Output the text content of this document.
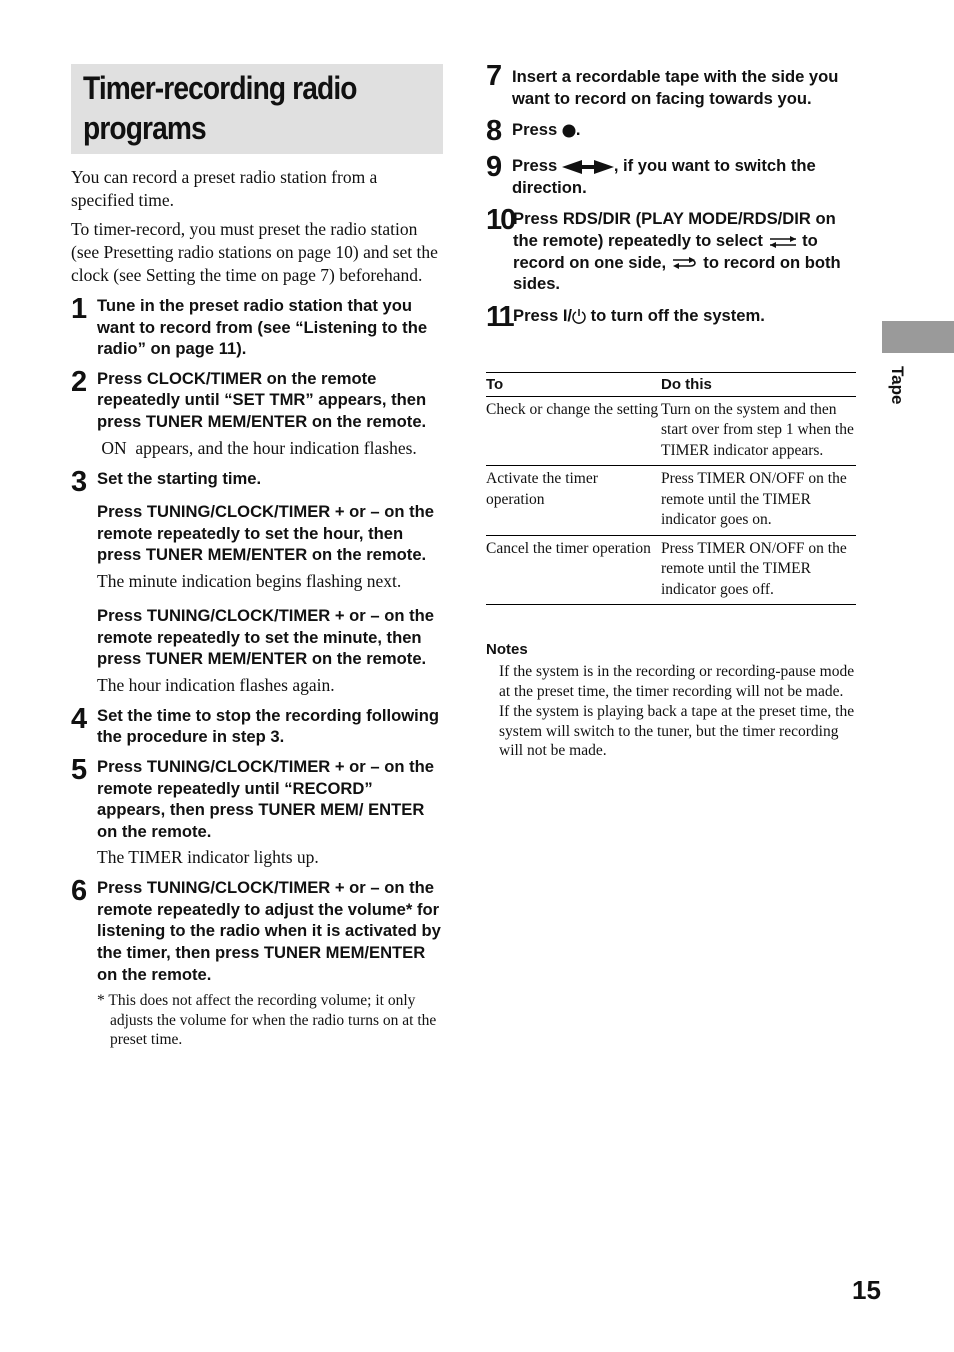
Timer-recording radio programs

You can record a preset radio station from a specified time.

To timer-record, you must preset the radio station (see Presetting radio stations on page 10) and set the clock (see Setting the time on page 7) beforehand.

1 Tune in the preset radio station that you want to record from (see “Listening to the radio” on page 11).

2 Press CLOCK/TIMER on the remote repeatedly until “SET TMR” appears, then press TUNER MEM/ENTER on the remote.

ON  appears, and the hour indication flashes.

3 Set the starting time.

Press TUNING/CLOCK/TIMER + or – on the remote repeatedly to set the hour, then press TUNER MEM/ENTER on the remote.

The minute indication begins flashing next.

Press TUNING/CLOCK/TIMER + or – on the remote repeatedly to set the minute, then press TUNER MEM/ENTER on the remote.

The hour indication flashes again.

4 Set the time to stop the recording following the procedure in step 3.

5 Press TUNING/CLOCK/TIMER + or – on the remote repeatedly until “RECORD” appears, then press TUNER MEM/ ENTER on the remote.

The TIMER indicator lights up.

6 Press TUNING/CLOCK/TIMER + or – on the remote repeatedly to adjust the volume* for listening to the radio when it is activated by the timer, then press TUNER MEM/ENTER on the remote.

* This does not affect the recording volume; it only adjusts the volume for when the radio turns on at the preset time.

7 Insert a recordable tape with the side you want to record on facing towards you.

8 Press .

9 Press	, if you want to switch the direction.

10

Press RDS/DIR (PLAY MODE/RDS/DIR on the remote) repeatedly to select  to record on one side,  to record on both sides.

11 Press I/ to turn off the system.

To	Do this
Check or change the setting	Turn on the system and then start over from step 1 when the TIMER indicator appears.
Activate the timer operation	Press TIMER ON/OFF on the remote until the TIMER indicator goes on.
Cancel the timer operation	Press TIMER ON/OFF on the remote until the TIMER indicator goes off.
Notes

If the system is in the recording or recording-pause mode at the preset time, the timer recording will not be made.

If the system is playing back a tape at the preset time, the system will switch to the tuner, but the timer recording will not be made.

Tape
15
